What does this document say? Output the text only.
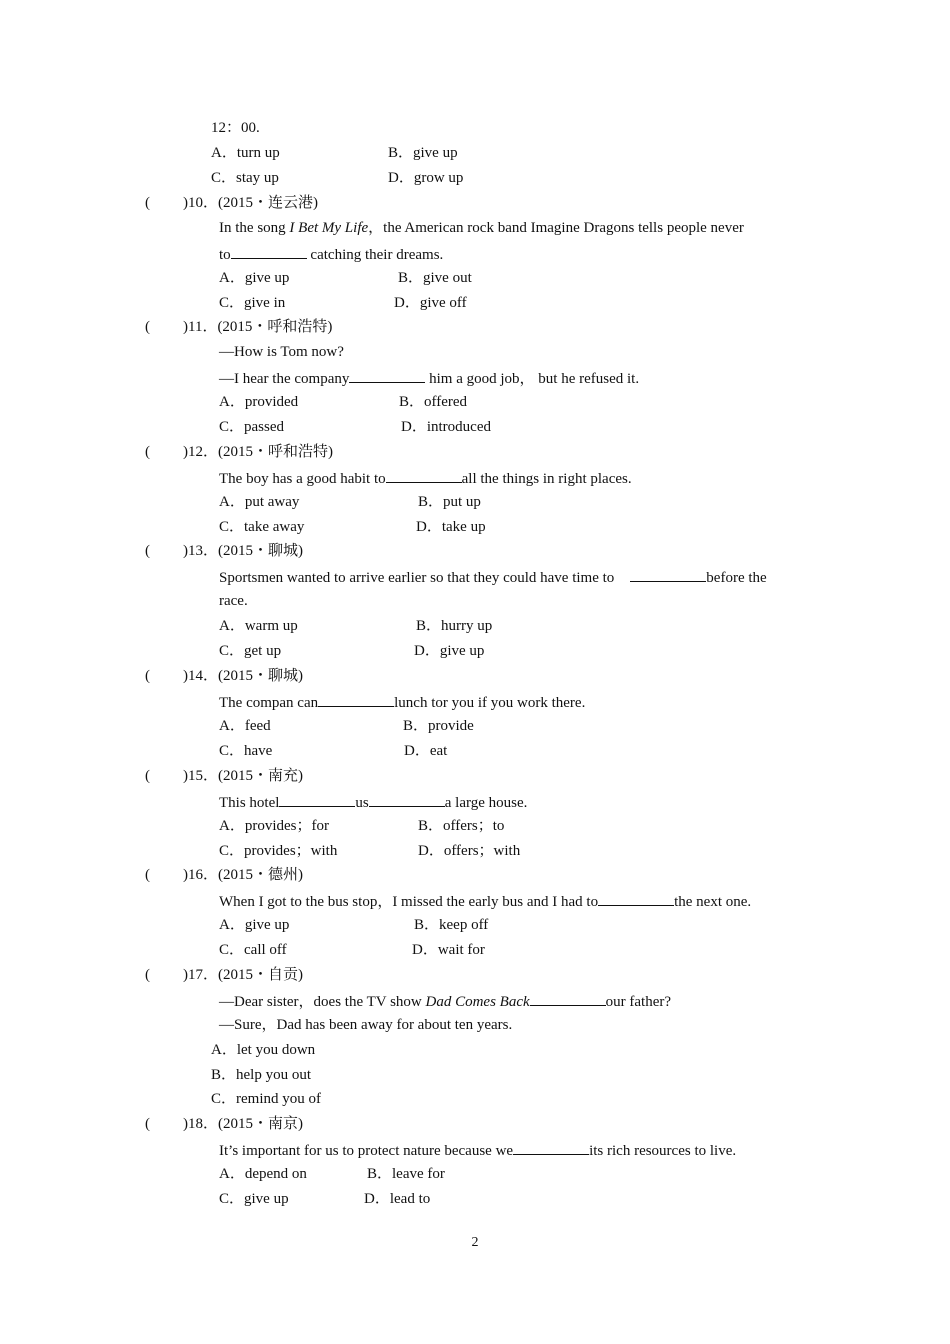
12：00.
A．turn up	B．give up
C．stay up	D．grow up
( )10．(2015・连云港)
In the song I Bet My Life，the American rock band Imagine Dragons tells people never
to	catching their dreams.
A．give up	B．give out
C．give in	D．give off
( )11．(2015・呼和浩特)
—How is Tom now?
—I hear the company	him a good job， but he refused it.
A．provided	B．offered
C．passed	D．introduced
( )12．(2015・呼和浩特)
The boy has a good habit to	all the things in right places.
A．put away	B．put up
C．take away	D．take up
( )13．(2015・聊城)
Sportsmen wanted to arrive earlier so that they could have time to	before the
race.
A．warm up	B．hurry up
C．get up	D．give up
( )14．(2015・聊城)
The compan can	lunch tor you if you work there.
A．feed	B．provide
C．have	D．eat
( )15．(2015・南充)
This hotel	us	a large house.
A．provides；for	B．offers；to
C．provides；with	D．offers；with
( )16．(2015・德州)
When I got to the bus stop，I missed the early bus and I had to	the next one.
A．give up	B．keep off
C．call off	D．wait for
( )17．(2015・自贡)
—Dear sister，does the TV show Dad Comes Back	our father?
—Sure，Dad has been away for about ten years.
A．let you down
B．help you out
C．remind you of
( )18．(2015・南京)
It’s important for us to protect nature because we	its rich resources to live.
A．depend on	B．leave for
C．give up	D．lead to
2
